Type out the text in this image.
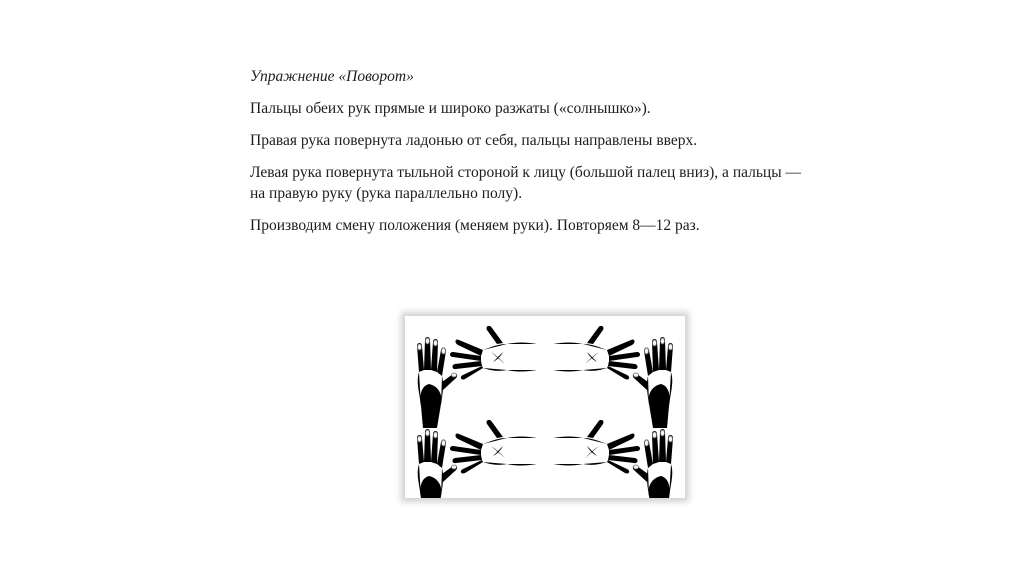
Упражнение «Поворот»

Пальцы обеих рук прямые и широко разжаты («солнышко»).

Правая рука повернута ладонью от себя, пальцы направлены вверх.

Левая рука повернута тыльной стороной к лицу (большой палец вниз), а пальцы — на правую руку (рука параллельно полу).

Производим смену положения (меняем руки). Повторяем 8—12 раз.
